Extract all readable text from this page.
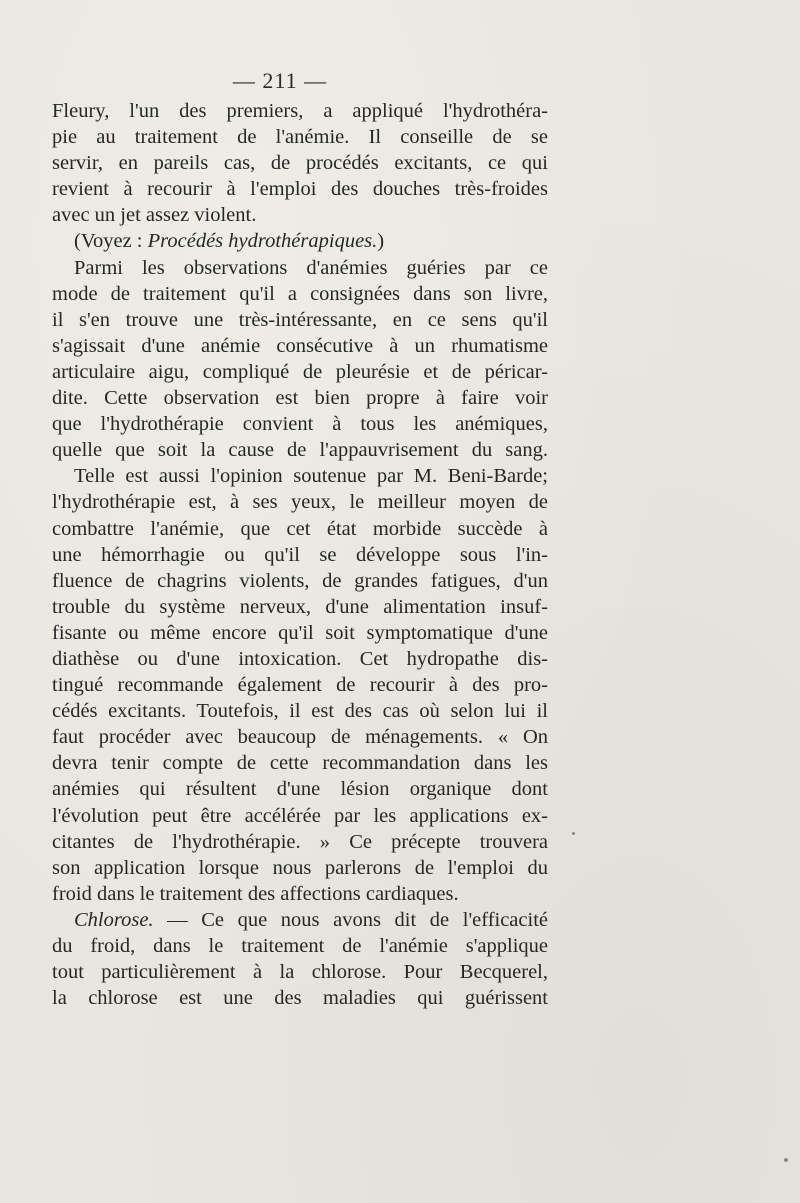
— 211 —
Fleury, l'un des premiers, a appliqué l'hydrothéra-
pie au traitement de l'anémie. Il conseille de se
servir, en pareils cas, de procédés excitants, ce qui
revient à recourir à l'emploi des douches très-froides
avec un jet assez violent.
(Voyez : Procédés hydrothérapiques.)
Parmi les observations d'anémies guéries par ce
mode de traitement qu'il a consignées dans son livre,
il s'en trouve une très-intéressante, en ce sens qu'il
s'agissait d'une anémie consécutive à un rhumatisme
articulaire aigu, compliqué de pleurésie et de péricar-
dite. Cette observation est bien propre à faire voir
que l'hydrothérapie convient à tous les anémiques,
quelle que soit la cause de l'appauvrisement du sang.
Telle est aussi l'opinion soutenue par M. Beni-Barde;
l'hydrothérapie est, à ses yeux, le meilleur moyen de
combattre l'anémie, que cet état morbide succède à
une hémorrhagie ou qu'il se développe sous l'in-
fluence de chagrins violents, de grandes fatigues, d'un
trouble du système nerveux, d'une alimentation insuf-
fisante ou même encore qu'il soit symptomatique d'une
diathèse ou d'une intoxication. Cet hydropathe dis-
tingué recommande également de recourir à des pro-
cédés excitants. Toutefois, il est des cas où selon lui il
faut procéder avec beaucoup de ménagements. « On
devra tenir compte de cette recommandation dans les
anémies qui résultent d'une lésion organique dont
l'évolution peut être accélérée par les applications ex-
citantes de l'hydrothérapie. » Ce précepte trouvera
son application lorsque nous parlerons de l'emploi du
froid dans le traitement des affections cardiaques.
Chlorose. — Ce que nous avons dit de l'efficacité
du froid, dans le traitement de l'anémie s'applique
tout particulièrement à la chlorose. Pour Becquerel,
la chlorose est une des maladies qui guérissent
